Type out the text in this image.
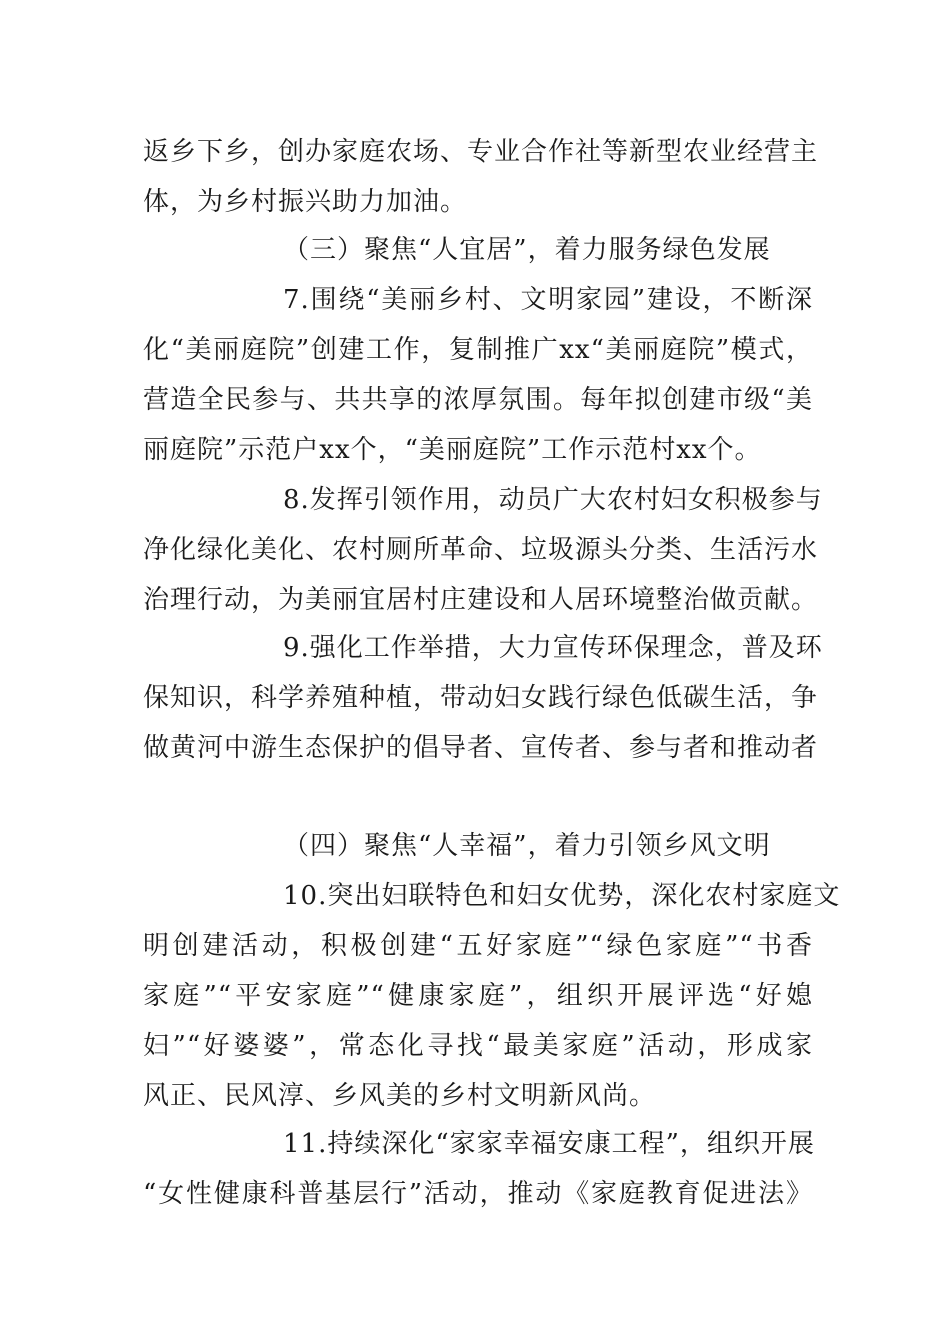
返乡下乡，创办家庭农场、专业合作社等新型农业经营主
体，为乡村振兴助力加油。
（三）聚焦“人宜居”，着力服务绿色发展
7.围绕“美丽乡村、文明家园”建设，不断深
化“美丽庭院”创建工作，复制推广xx“美丽庭院”模式，
营造全民参与、共共享的浓厚氛围。每年拟创建市级“美
丽庭院”示范户xx个，“美丽庭院”工作示范村xx个。
8.发挥引领作用，动员广大农村妇女积极参与
净化绿化美化、农村厕所革命、垃圾源头分类、生活污水
治理行动，为美丽宜居村庄建设和人居环境整治做贡献。
9.强化工作举措，大力宣传环保理念，普及环
保知识，科学养殖种植，带动妇女践行绿色低碳生活，争
做黄河中游生态保护的倡导者、宣传者、参与者和推动者
（四）聚焦“人幸福”，着力引领乡风文明
10.突出妇联特色和妇女优势，深化农村家庭文
明创建活动，积极创建“五好家庭”“绿色家庭”“书香
家庭”“平安家庭”“健康家庭”，组织开展评选“好媳
妇”“好婆婆”，常态化寻找“最美家庭”活动，形成家
风正、民风淳、乡风美的乡村文明新风尚。
11.持续深化“家家幸福安康工程”，组织开展
“女性健康科普基层行”活动，推动《家庭教育促进法》
